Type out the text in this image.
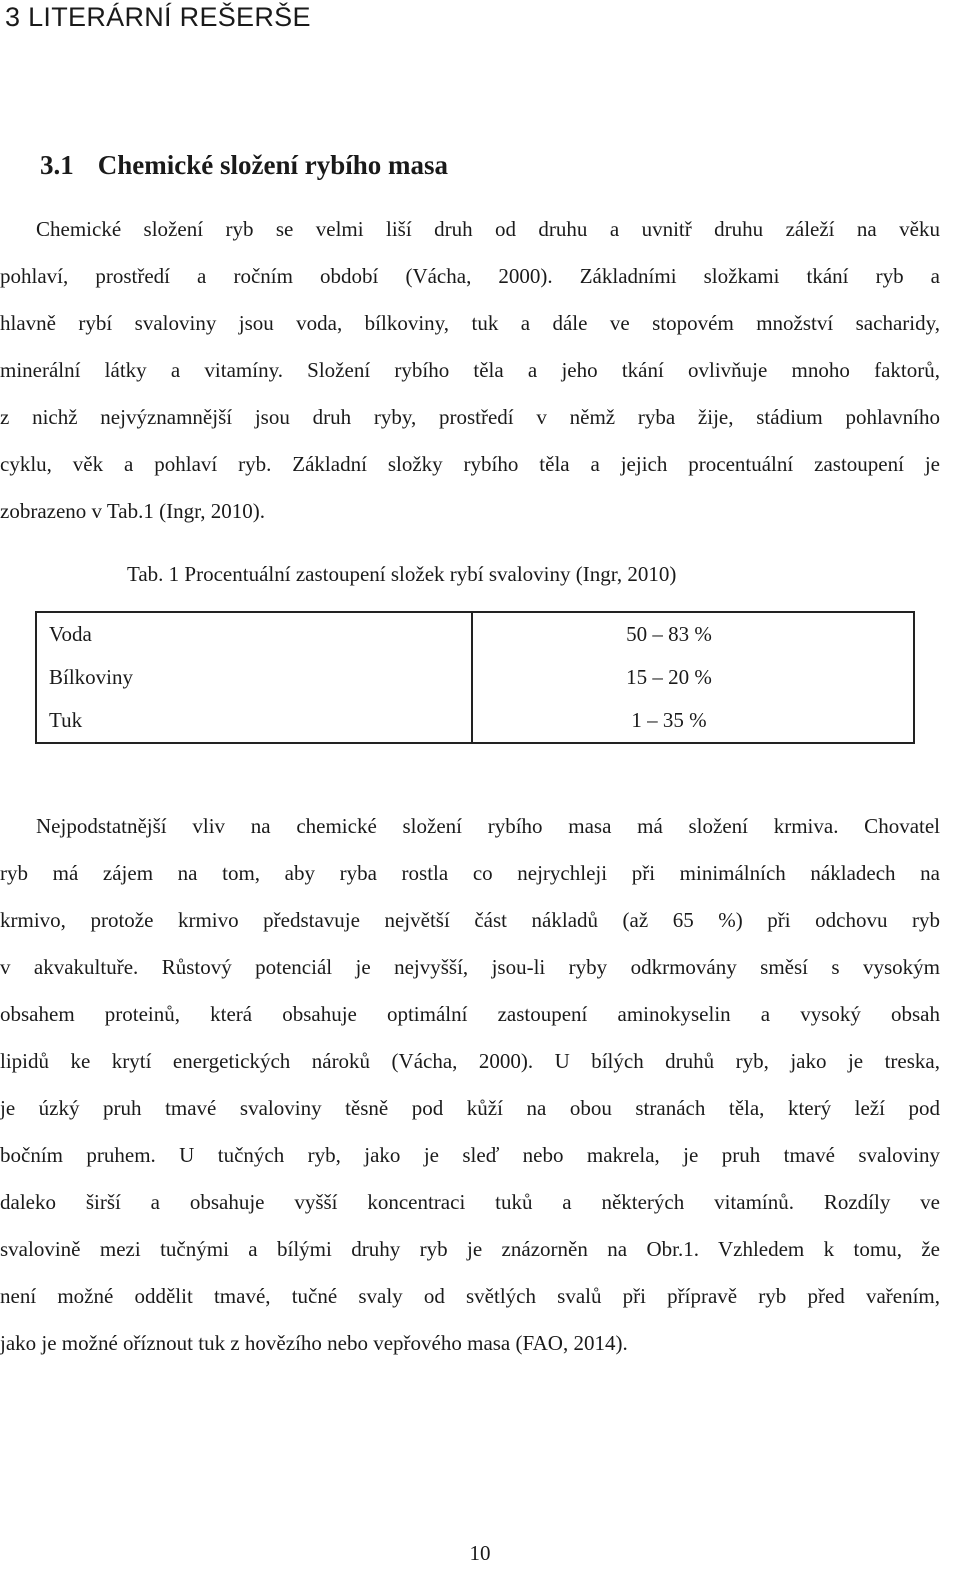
3 LITERÁRNÍ REŠERŠE
3.1 Chemické složení rybího masa
Chemické složení ryb se velmi liší druh od druhu a uvnitř druhu záleží na věku
pohlaví, prostředí a ročním období (Vácha, 2000). Základními složkami tkání ryb a
hlavně rybí svaloviny jsou voda, bílkoviny, tuk a dále ve stopovém množství sacharidy,
minerální látky a vitamíny. Složení rybího těla a jeho tkání ovlivňuje mnoho faktorů,
z nichž nejvýznamnější jsou druh ryby, prostředí v němž ryba žije, stádium pohlavního
cyklu, věk a pohlaví ryb. Základní složky rybího těla a jejich procentuální zastoupení je
zobrazeno v Tab.1 (Ingr, 2010).
Tab. 1 Procentuální zastoupení složek rybí svaloviny (Ingr, 2010)
Voda	50 – 83 %
Bílkoviny	15 – 20 %
Tuk	1 – 35 %
Nejpodstatnější vliv na chemické složení rybího masa má složení krmiva. Chovatel
ryb má zájem na tom, aby ryba rostla co nejrychleji při minimálních nákladech na
krmivo, protože krmivo představuje největší část nákladů (až 65 %) při odchovu ryb
v akvakultuře. Růstový potenciál je nejvyšší, jsou-li ryby odkrmovány směsí s vysokým
obsahem proteinů, která obsahuje optimální zastoupení aminokyselin a vysoký obsah
lipidů ke krytí energetických nároků (Vácha, 2000). U bílých druhů ryb, jako je treska,
je úzký pruh tmavé svaloviny těsně pod kůží na obou stranách těla, který leží pod
bočním pruhem. U tučných ryb, jako je sleď nebo makrela, je pruh tmavé svaloviny
daleko širší a obsahuje vyšší koncentraci tuků a některých vitamínů. Rozdíly ve
svalovině mezi tučnými a bílými druhy ryb je znázorněn na Obr.1. Vzhledem k tomu, že
není možné oddělit tmavé, tučné svaly od světlých svalů při přípravě ryb před vařením,
jako je možné oříznout tuk z hovězího nebo vepřového masa (FAO, 2014).
10
